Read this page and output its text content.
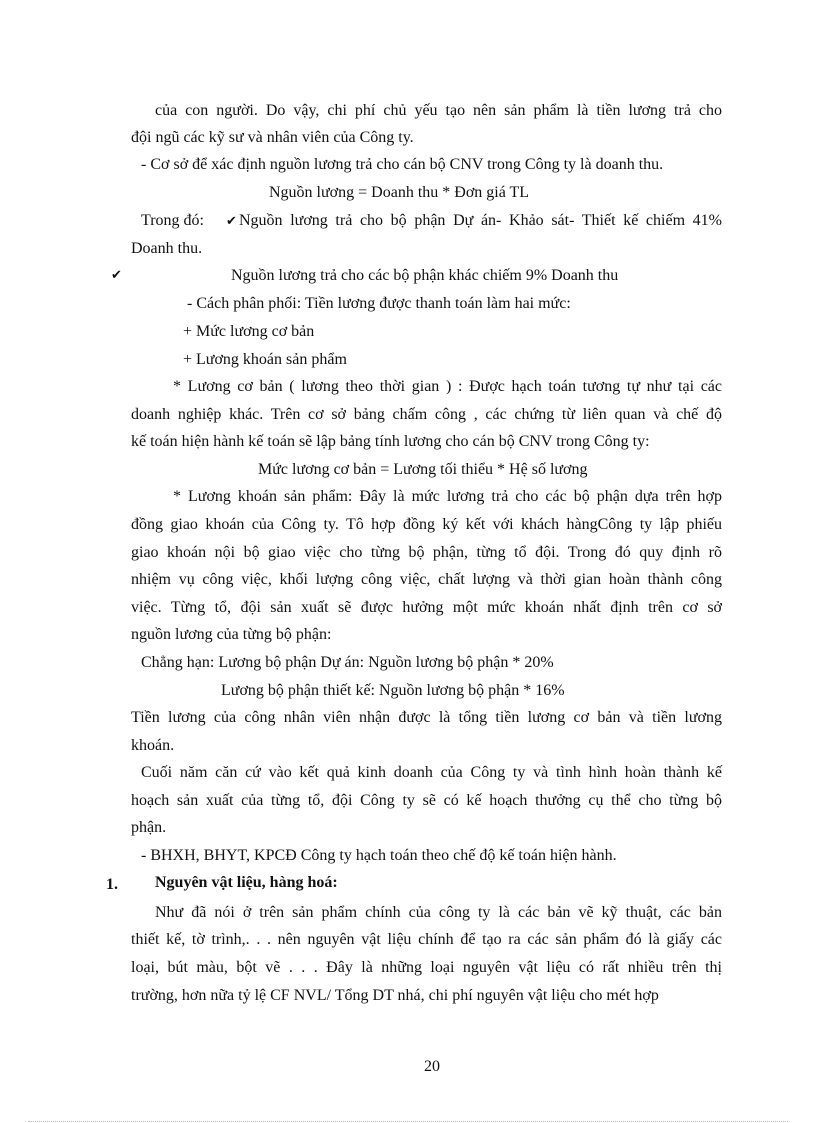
của con người. Do vậy, chi phí chủ yếu tạo nên sản phẩm là tiền lương trả cho
đội ngũ các kỹ sư và nhân viên của Công ty.
- Cơ sở để xác định nguồn lương trả cho cán bộ CNV trong Công ty là doanh thu.
Nguồn lương = Doanh thu * Đơn giá TL
Trong đó: ✔ Nguồn lương trả cho bộ phận Dự án- Khảo sát- Thiết kế chiếm 41%
Doanh thu.
✔	Nguồn lương trả cho các bộ phận khác chiếm 9% Doanh thu
- Cách phân phối: Tiền lương được thanh toán làm hai mức:
+ Mức lương cơ bản
+ Lương khoán sản phẩm
* Lương cơ bản ( lương theo thời gian ) : Được hạch toán tương tự như tại các
doanh nghiệp khác. Trên cơ sở bảng chấm công , các chứng từ liên quan và chế độ
kế toán hiện hành kế toán sẽ lập bảng tính lương cho cán bộ CNV trong Công ty:
Mức lương cơ bản = Lương tối thiểu * Hệ số lương
* Lương khoán sản phẩm: Đây là mức lương trả cho các bộ phận dựa trên hợp
đồng giao khoán của Công ty. Tô hợp đồng ký kết với khách hàngCông ty lập phiếu
giao khoán nội bộ giao việc cho từng bộ phận, từng tổ đội. Trong đó quy định rõ
nhiệm vụ công việc, khối lượng công việc, chất lượng và thời gian hoàn thành công
việc. Từng tổ, đội sản xuất sẽ được hưởng một mức khoán nhất định trên cơ sở
nguồn lương của từng bộ phận:
Chẳng hạn: Lương bộ phận Dự án: Nguồn lương bộ phận * 20%
Lương bộ phận thiết kế: Nguồn lương bộ phận * 16%
Tiền lương của công nhân viên nhận được là tổng tiền lương cơ bản và tiền lương
khoán.
Cuối năm căn cứ vào kết quả kinh doanh của Công ty và tình hình hoàn thành kế
hoạch sản xuất của từng tổ, đội Công ty sẽ có kế hoạch thưởng cụ thể cho từng bộ
phận.
- BHXH, BHYT, KPCĐ Công ty hạch toán theo chế độ kế toán hiện hành.
1. Nguyên vật liệu, hàng hoá:
Như đã nói ở trên sản phẩm chính của công ty là các bản vẽ kỹ thuật, các bản
thiết kế, tờ trình,. . . nên nguyên vật liệu chính để tạo ra các sản phẩm đó là giấy các
loại, bút màu, bột vẽ . . . Đây là những loại nguyên vật liệu có rất nhiều trên thị
trường, hơn nữa tỷ lệ CF NVL/ Tổng DT nhá, chi phí nguyên vật liệu cho mét hợp
20
